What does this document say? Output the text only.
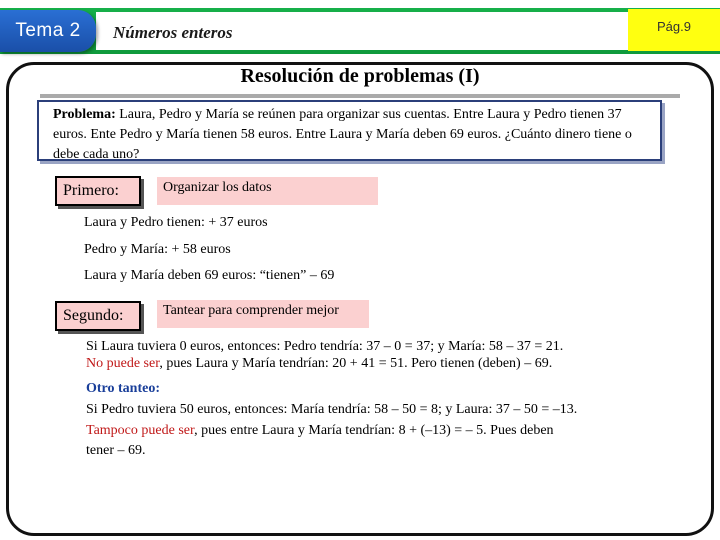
Tema 2 Números enteros	Pág.9
Resolución de problemas (I)
Problema: Laura, Pedro y María se reúnen para organizar sus cuentas. Entre Laura y Pedro tienen 37 euros. Ente Pedro y María tienen 58 euros. Entre Laura y María deben 69 euros. ¿Cuánto dinero tiene o debe cada uno?
Primero:	Organizar los datos
Laura y Pedro tienen: + 37 euros
Pedro y María: + 58 euros
Laura y María deben 69 euros: “tienen” – 69
Segundo:	Tantear para comprender mejor
Si Laura tuviera 0 euros, entonces: Pedro tendría: 37 – 0 = 37; y María: 58 – 37 = 21.
No puede ser, pues Laura y María tendrían: 20 + 41 = 51. Pero tienen (deben) – 69.
Otro tanteo:
Si Pedro tuviera 50 euros, entonces: María tendría: 58 – 50 = 8; y Laura: 37 – 50 = –13.
Tampoco puede ser, pues entre Laura y María tendrían: 8 + (–13) = – 5. Pues deben
tener – 69.
